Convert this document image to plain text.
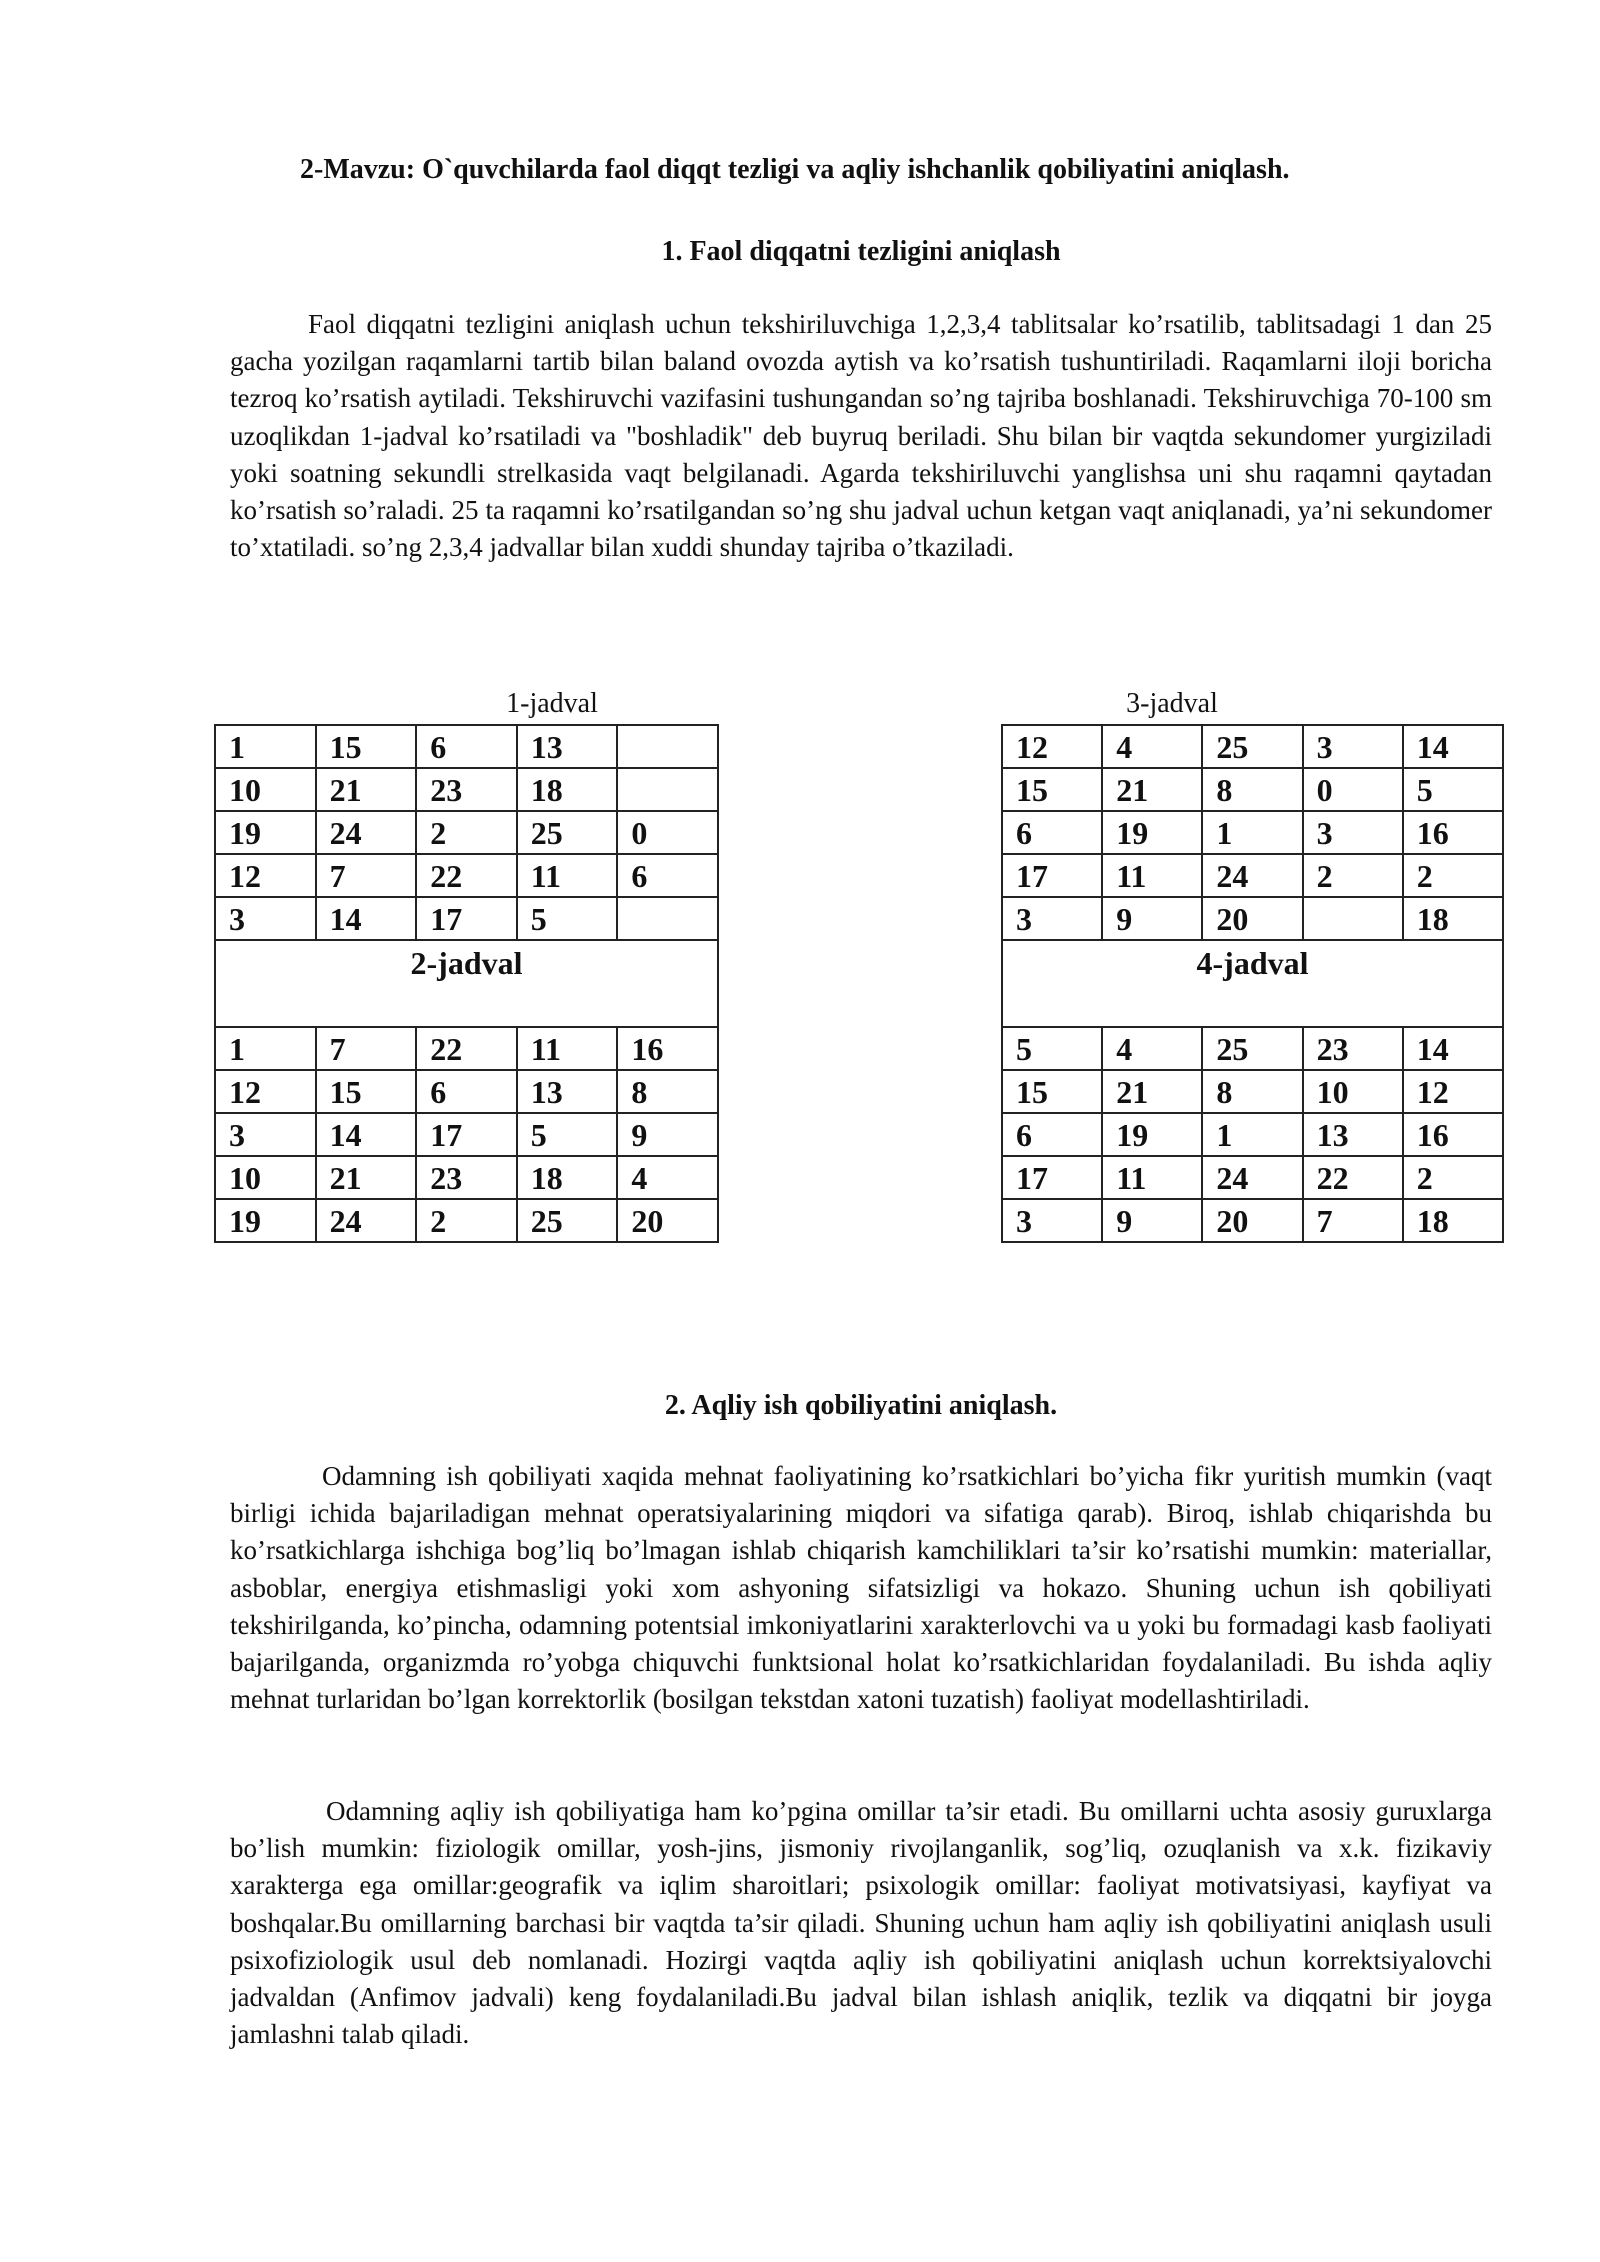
2-Mavzu: O`quvchilarda faol diqqt tezligi va aqliy ishchanlik qobiliyatini aniqlash.
1. Faol diqqatni tezligini aniqlash

Faol diqqatni tezligini aniqlash uchun tekshiriluvchiga 1,2,3,4 tablitsalar ko’rsatilib, tablitsadagi 1 dan 25 gacha yozilgan raqamlarni tartib bilan baland ovozda aytish va ko’rsatish tushuntiriladi. Raqamlarni iloji boricha tezroq ko’rsatish aytiladi. Tekshiruvchi vazifasini tushungandan so’ng tajriba boshlanadi. Tekshiruvchiga 70-100 sm uzoqlikdan 1-jadval ko’rsatiladi va "boshladik" deb buyruq beriladi. Shu bilan bir vaqtda sekundomer yurgiziladi yoki soatning sekundli strelkasida vaqt belgilanadi. Agarda tekshiriluvchi yanglishsa uni shu raqamni qaytadan ko’rsatish so’raladi. 25 ta raqamni ko’rsatilgandan so’ng shu jadval uchun ketgan vaqt aniqlanadi, ya’ni sekundomer to’xtatiladi. so’ng 2,3,4 jadvallar bilan xuddi shunday tajriba o’tkaziladi.

1-jadval	3-jadval
1	15	6	13	
10	21	23	18	
19	24	2	25	0
12	7	22	11	6
3	14	17	5	

2-jadval				

1	7	22	11	16
12	15	6	13	8
3	14	17	5	9
10	21	23	18	4
19	24	2	25	20
12	4	25	3	14
15	21	8	0	5
6	19	1	3	16
17	11	24	2	2
3	9	20		18

4-jadval				

5	4	25	23	14
15	21	8	10	12
6	19	1	13	16
17	11	24	22	2
3	9	20	7	18
2. Aqliy ish qobiliyatini aniqlash.

Odamning ish qobiliyati xaqida mehnat faoliyatining ko’rsatkichlari bo’yicha fikr yuritish mumkin (vaqt birligi ichida bajariladigan mehnat operatsiyalarining miqdori va sifatiga qarab). Biroq, ishlab chiqarishda bu ko’rsatkichlarga ishchiga bog’liq bo’lmagan ishlab chiqarish kamchiliklari ta’sir ko’rsatishi mumkin: materiallar, asboblar, energiya etishmasligi yoki xom ashyoning sifatsizligi va hokazo. Shuning uchun ish qobiliyati tekshirilganda, ko’pincha, odamning potentsial imkoniyatlarini xarakterlovchi va u yoki bu formadagi kasb faoliyati bajarilganda, organizmda ro’yobga chiquvchi funktsional holat ko’rsatkichlaridan foydalaniladi. Bu ishda aqliy mehnat turlaridan bo’lgan korrektorlik (bosilgan tekstdan xatoni tuzatish) faoliyat modellashtiriladi.

Odamning aqliy ish qobiliyatiga ham ko’pgina omillar ta’sir etadi. Bu omillarni uchta asosiy guruxlarga bo’lish mumkin: fiziologik omillar, yosh-jins, jismoniy rivojlanganlik, sog’liq, ozuqlanish va x.k. fizikaviy xarakterga ega omillar:geografik va iqlim sharoitlari; psixologik omillar: faoliyat motivatsiyasi, kayfiyat va boshqalar.Bu omillarning barchasi bir vaqtda ta’sir qiladi. Shuning uchun ham aqliy ish qobiliyatini aniqlash usuli psixofiziologik usul deb nomlanadi. Hozirgi vaqtda aqliy ish qobiliyatini aniqlash uchun korrektsiyalovchi jadvaldan (Anfimov jadvali) keng foydalaniladi.Bu jadval bilan ishlash aniqlik, tezlik va diqqatni bir joyga jamlashni talab qiladi.
